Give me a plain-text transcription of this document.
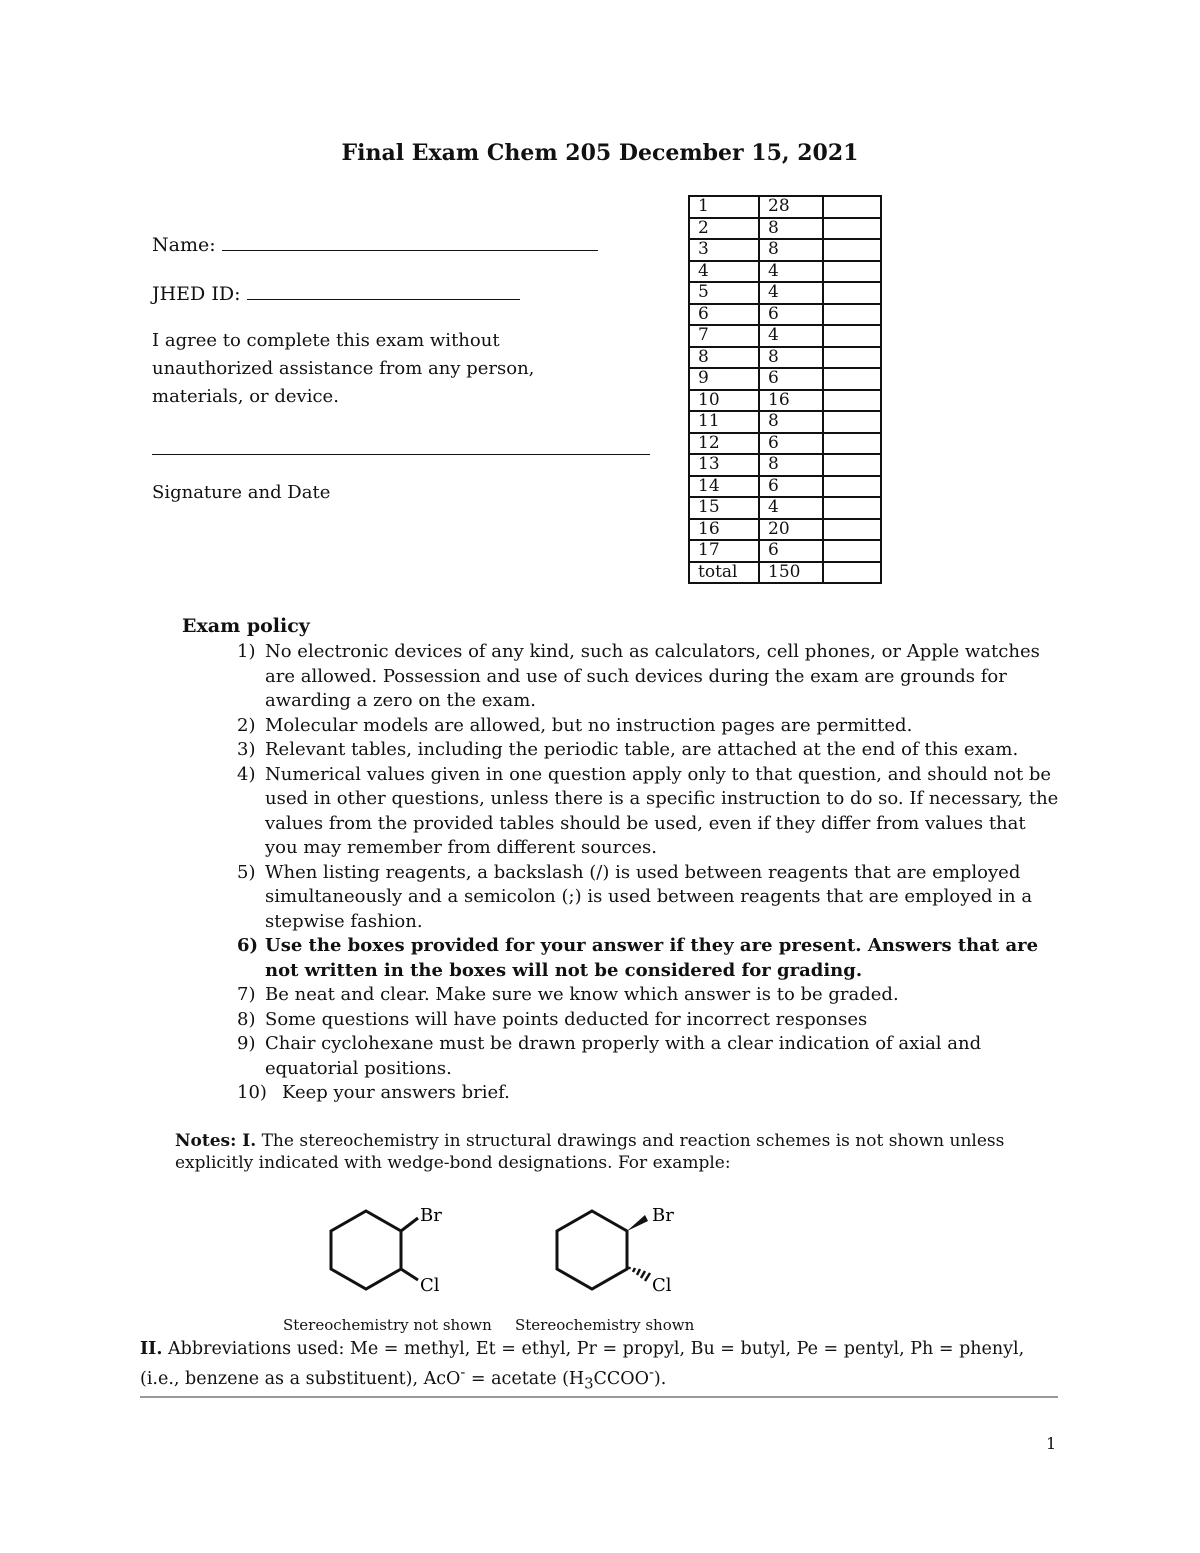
Final Exam Chem 205 December 15, 2021
Name:
JHED ID:
I agree to complete this exam without
unauthorized assistance from any person,
materials, or device.
Signature and Date
1	28	
2	8	
3	8	
4	4	
5	4	
6	6	
7	4	
8	8	
9	6	
10	16	
11	8	
12	6	
13	8	
14	6	
15	4	
16	20	
17	6	
total	150	
Exam policy
1) No electronic devices of any kind, such as calculators, cell phones, or Apple watches are allowed. Possession and use of such devices during the exam are grounds for awarding a zero on the exam.
2) Molecular models are allowed, but no instruction pages are permitted.
3) Relevant tables, including the periodic table, are attached at the end of this exam.
4) Numerical values given in one question apply only to that question, and should not be used in other questions, unless there is a specific instruction to do so. If necessary, the values from the provided tables should be used, even if they differ from values that you may remember from different sources.
5) When listing reagents, a backslash (/) is used between reagents that are employed simultaneously and a semicolon (;) is used between reagents that are employed in a stepwise fashion.
6) Use the boxes provided for your answer if they are present. Answers that are not written in the boxes will not be considered for grading.
7) Be neat and clear. Make sure we know which answer is to be graded.
8) Some questions will have points deducted for incorrect responses
9) Chair cyclohexane must be drawn properly with a clear indication of axial and equatorial positions.
10) Keep your answers brief.
Notes: I. The stereochemistry in structural drawings and reaction schemes is not shown unless explicitly indicated with wedge-bond designations. For example:
Br
Cl
Br
Cl
Stereochemistry not shown Stereochemistry shown
II. Abbreviations used: Me = methyl, Et = ethyl, Pr = propyl, Bu = butyl, Pe = pentyl, Ph = phenyl, (i.e., benzene as a substituent), AcO- = acetate $(H_3CCOO^-)$.
1
